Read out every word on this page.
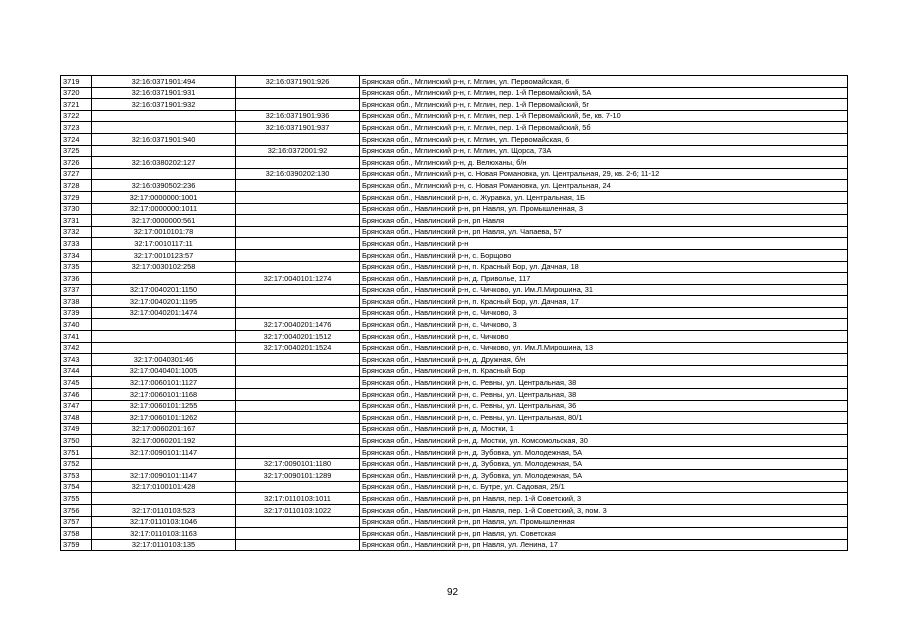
3719	32:16:0371901:494	32:16:0371901:926	Брянская обл., Мглинский р-н, г. Мглин, ул. Первомайская, 6
3720	32:16:0371901:931		Брянская обл., Мглинский р-н, г. Мглин, пер. 1-й Первомайский, 5А
3721	32:16:0371901:932		Брянская обл., Мглинский р-н, г. Мглин, пер. 1-й Первомайский, 5г
3722		32:16:0371901:936	Брянская обл., Мглинский р-н, г. Мглин, пер. 1-й Первомайский, 5е, кв. 7-10
3723		32:16:0371901:937	Брянская обл., Мглинский р-н, г. Мглин, пер. 1-й Первомайский, 5б
3724	32:16:0371901:940		Брянская обл., Мглинский р-н, г. Мглин, ул. Первомайская, 6
3725		32:16:0372001:92	Брянская обл., Мглинский р-н, г. Мглин, ул. Щорса, 73А
3726	32:16:0380202:127		Брянская обл., Мглинский р-н, д. Велюханы, б/н
3727		32:16:0390202:130	Брянская обл., Мглинский р-н, с. Новая Романовка, ул. Центральная, 29, кв. 2-6; 11-12
3728	32:16:0390502:236		Брянская обл., Мглинский р-н, с. Новая Романовка, ул. Центральная, 24
3729	32:17:0000000:1001		Брянская обл., Навлинский р-н, с. Журавка, ул. Центральная, 1Б
3730	32:17:0000000:1011		Брянская обл., Навлинский р-н, рп Навля, ул. Промышленная, 3
3731	32:17:0000000:561		Брянская обл., Навлинский р-н, рп Навля
3732	32:17:0010101:78		Брянская обл., Навлинский р-н, рп Навля, ул. Чапаева, 57
3733	32:17:0010117:11		Брянская обл., Навлинский р-н
3734	32:17:0010123:57		Брянская обл., Навлинский р-н, с. Борщово
3735	32:17:0030102:258		Брянская обл., Навлинский р-н, п. Красный Бор, ул. Дачная, 18
3736		32:17:0040101:1274	Брянская обл., Навлинский р-н, д. Приволье, 117
3737	32:17:0040201:1150		Брянская обл., Навлинский р-н, с. Чичково, ул. Им.Л.Мирошина, 31
3738	32:17:0040201:1195		Брянская обл., Навлинский р-н, п. Красный Бор, ул. Дачная, 17
3739	32:17:0040201:1474		Брянская обл., Навлинский р-н, с. Чичково, 3
3740		32:17:0040201:1476	Брянская обл., Навлинский р-н, с. Чичково, 3
3741		32:17:0040201:1512	Брянская обл., Навлинский р-н, с. Чичково
3742		32:17:0040201:1524	Брянская обл., Навлинский р-н, с. Чичково, ул. Им.Л.Мирошина, 13
3743	32:17:0040301:46		Брянская обл., Навлинский р-н, д. Дружная, б/н
3744	32:17:0040401:1005		Брянская обл., Навлинский р-н, п. Красный Бор
3745	32:17:0060101:1127		Брянская обл., Навлинский р-н, с. Ревны, ул. Центральная, 38
3746	32:17:0060101:1168		Брянская обл., Навлинский р-н, с. Ревны, ул. Центральная, 38
3747	32:17:0060101:1255		Брянская обл., Навлинский р-н, с. Ревны, ул. Центральная, 36
3748	32:17:0060101:1262		Брянская обл., Навлинский р-н, с. Ревны, ул. Центральная, 80/1
3749	32:17:0060201:167		Брянская обл., Навлинский р-н, д. Мостки, 1
3750	32:17:0060201:192		Брянская обл., Навлинский р-н, д. Мостки, ул. Комсомольская, 30
3751	32:17:0090101:1147		Брянская обл., Навлинский р-н, д. Зубовка, ул. Молодежная, 5А
3752		32:17:0090101:1180	Брянская обл., Навлинский р-н, д. Зубовка, ул. Молодежная, 5А
3753	32:17:0090101:1147	32:17:0090101:1289	Брянская обл., Навлинский р-н, д. Зубовка, ул. Молодежная, 5А
3754	32:17:0100101:428		Брянская обл., Навлинский р-н, с. Бутре, ул. Садовая, 25/1
3755		32:17:0110103:1011	Брянская обл., Навлинский р-н, рп Навля, пер. 1-й Советский, 3
3756	32:17:0110103:523	32:17:0110103:1022	Брянская обл., Навлинский р-н, рп Навля, пер. 1-й Советский, 3, пом. 3
3757	32:17:0110103:1046		Брянская обл., Навлинский р-н, рп Навля, ул. Промышленная
3758	32:17:0110103:1163		Брянская обл., Навлинский р-н, рп Навля, ул. Советская
3759	32:17:0110103:135		Брянская обл., Навлинский р-н, рп Навля, ул. Ленина, 17
92
